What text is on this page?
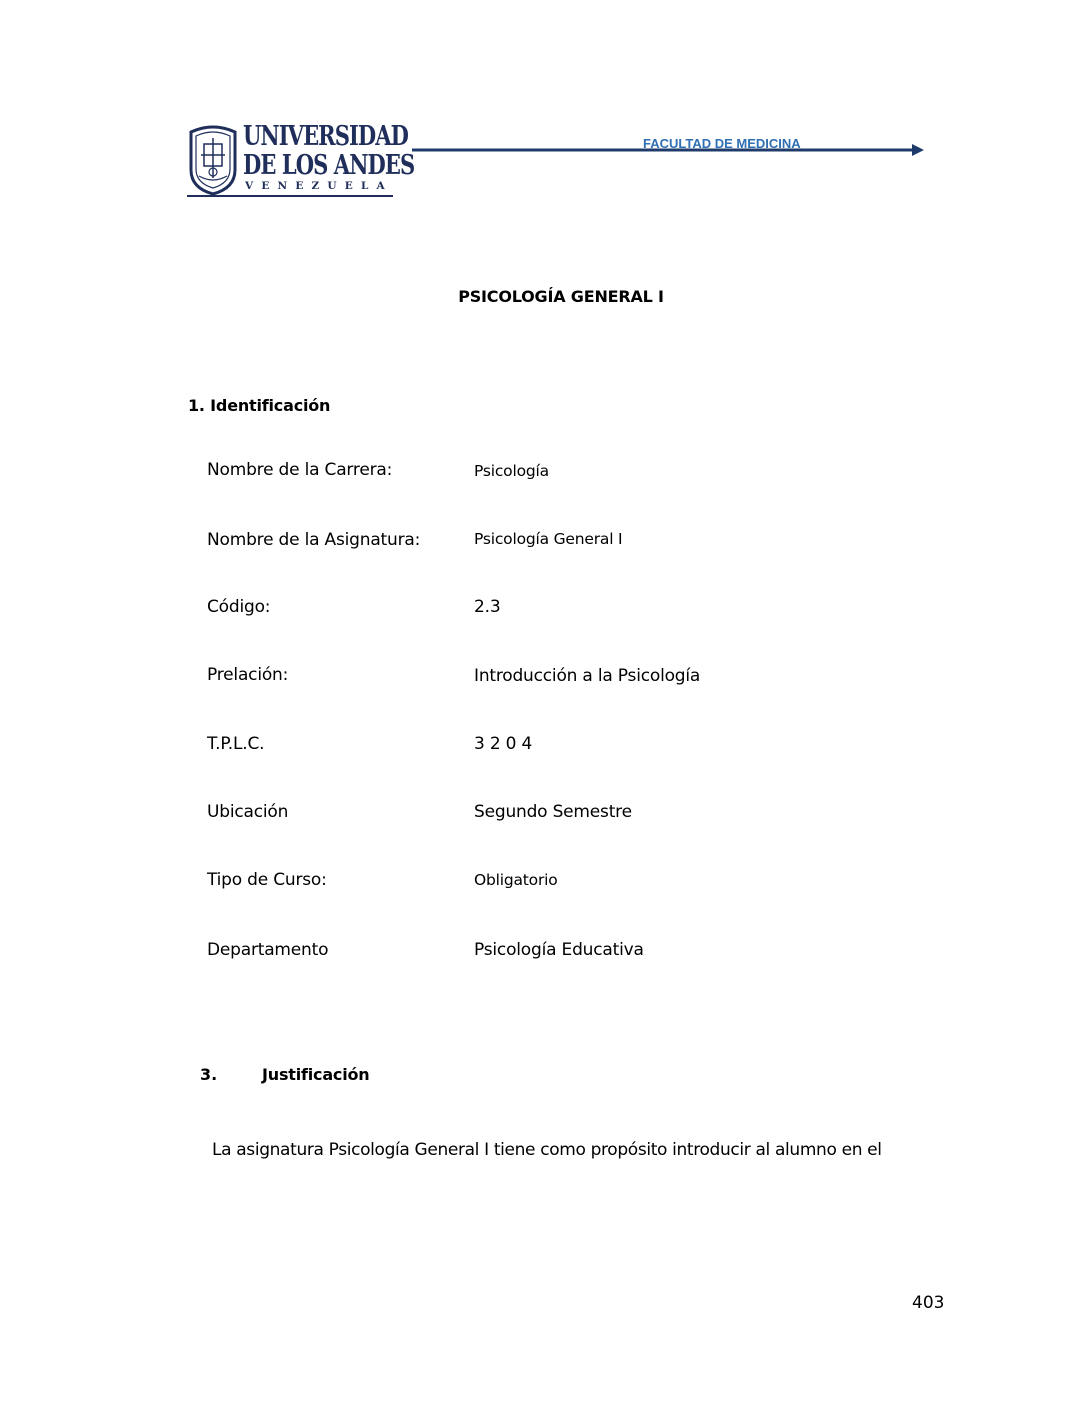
UNIVERSIDAD
DE LOS ANDES
VENEZUELA
FACULTAD DE MEDICINA
PSICOLOGÍA GENERAL I
1. Identificación
Nombre de la Carrera:	Psicología
Nombre de la Asignatura:	Psicología General I
Código:	2.3
Prelación:	Introducción a la Psicología
T.P.L.C.	3 2 0 4
Ubicación	Segundo Semestre
Tipo de Curso:	Obligatorio
Departamento	Psicología Educativa
3.	Justificación
La asignatura Psicología General I tiene como propósito introducir al alumno en el
403
